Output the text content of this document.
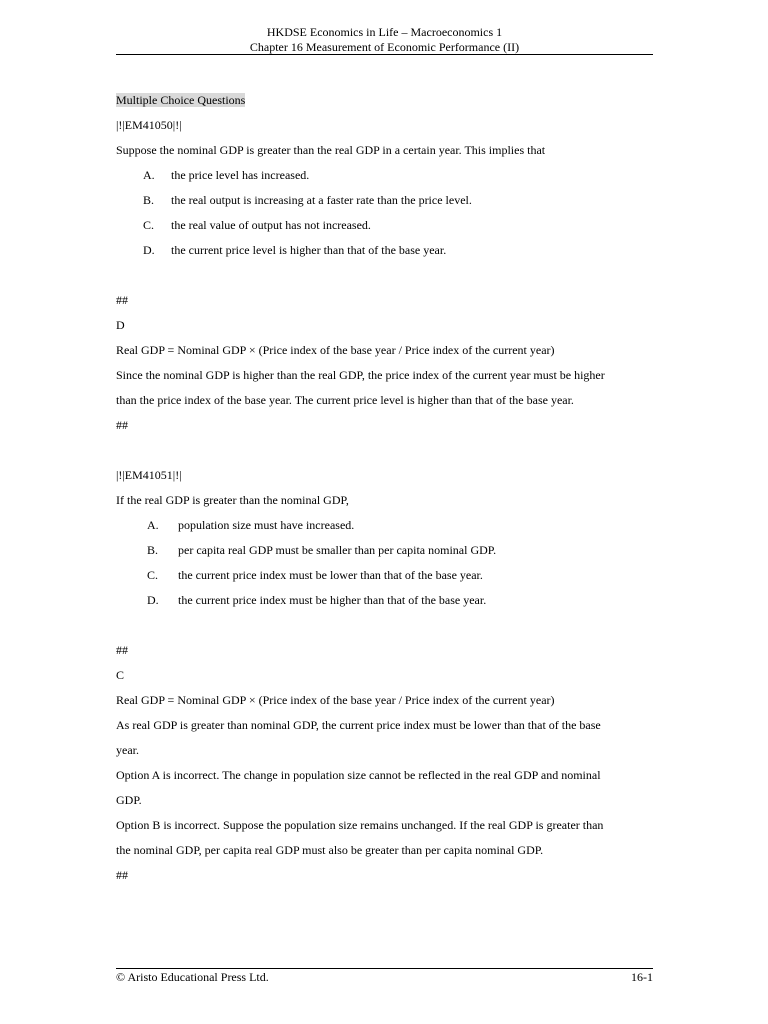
HKDSE Economics in Life – Macroeconomics 1
Chapter 16 Measurement of Economic Performance (II)
Multiple Choice Questions
|!|EM41050|!|
Suppose the nominal GDP is greater than the real GDP in a certain year. This implies that
A. the price level has increased.
B. the real output is increasing at a faster rate than the price level.
C. the real value of output has not increased.
D. the current price level is higher than that of the base year.
##
D
Real GDP = Nominal GDP × (Price index of the base year / Price index of the current year)
Since the nominal GDP is higher than the real GDP, the price index of the current year must be higher
than the price index of the base year. The current price level is higher than that of the base year.
##
|!|EM41051|!|
If the real GDP is greater than the nominal GDP,
A. population size must have increased.
B. per capita real GDP must be smaller than per capita nominal GDP.
C. the current price index must be lower than that of the base year.
D. the current price index must be higher than that of the base year.
##
C
Real GDP = Nominal GDP × (Price index of the base year / Price index of the current year)
As real GDP is greater than nominal GDP, the current price index must be lower than that of the base
year.
Option A is incorrect. The change in population size cannot be reflected in the real GDP and nominal
GDP.
Option B is incorrect. Suppose the population size remains unchanged. If the real GDP is greater than
the nominal GDP, per capita real GDP must also be greater than per capita nominal GDP.
##
© Aristo Educational Press Ltd.	16-1
